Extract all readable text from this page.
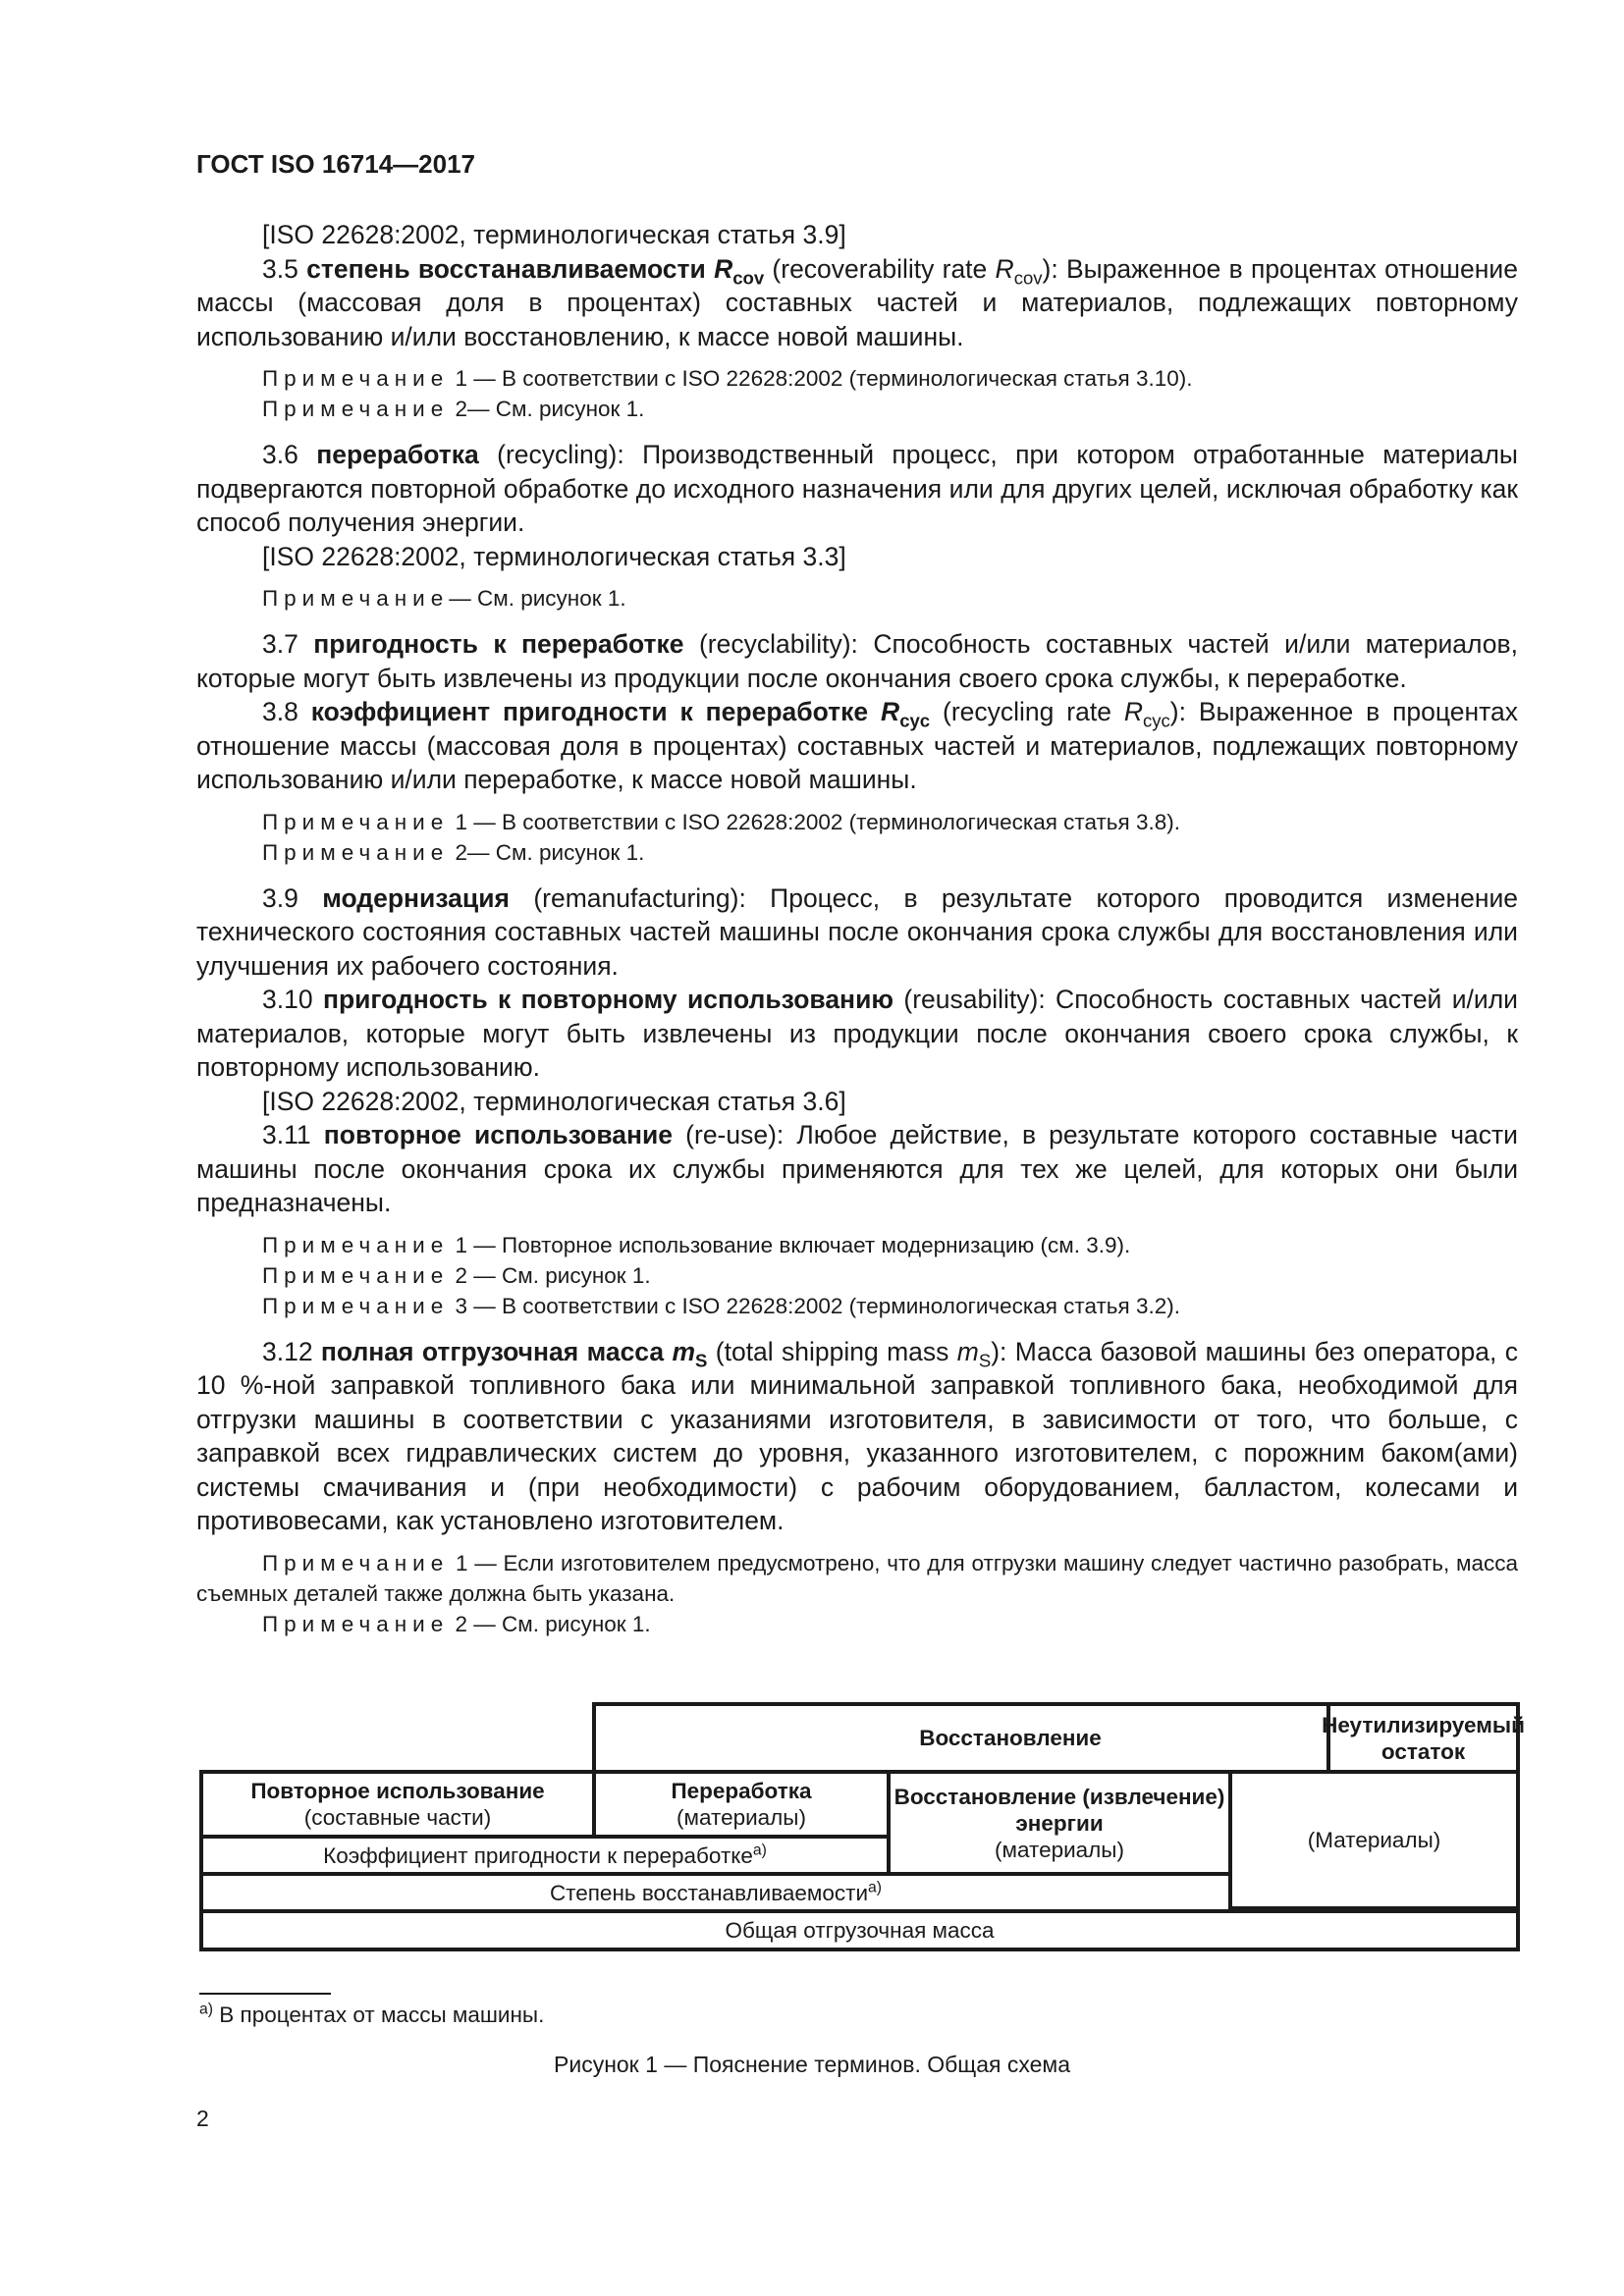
ГОСТ ISO 16714—2017

[ISO 22628:2002, терминологическая статья 3.9]

3.5 степень восстанавливаемости $R_{cov}$ (recoverability rate $R_{cov}$): Выраженное в процентах отношение массы (массовая доля в процентах) составных частей и материалов, подлежащих повторному использованию и/или восстановлению, к массе новой машины.

Примечание 1 — В соответствии с ISO 22628:2002 (терминологическая статья 3.10).

Примечание 2— См. рисунок 1.

3.6 переработка (recycling): Производственный процесс, при котором отработанные материалы подвергаются повторной обработке до исходного назначения или для других целей, исключая обработку как способ получения энергии.

[ISO 22628:2002, терминологическая статья 3.3]

Примечание— См. рисунок 1.

3.7 пригодность к переработке (recyclability): Способность составных частей и/или материалов, которые могут быть извлечены из продукции после окончания своего срока службы, к переработке.

3.8 коэффициент пригодности к переработке $R_{cyc}$ (recycling rate $R_{cyc}$): Выраженное в процентах отношение массы (массовая доля в процентах) составных частей и материалов, подлежащих повторному использованию и/или переработке, к массе новой машины.

Примечание 1 — В соответствии с ISO 22628:2002 (терминологическая статья 3.8).

Примечание 2— См. рисунок 1.

3.9 модернизация (remanufacturing): Процесс, в результате которого проводится изменение технического состояния составных частей машины после окончания срока службы для восстановления или улучшения их рабочего состояния.

3.10 пригодность к повторному использованию (reusability): Способность составных частей и/или материалов, которые могут быть извлечены из продукции после окончания своего срока службы, к повторному использованию.

[ISO 22628:2002, терминологическая статья 3.6]

3.11 повторное использование (re-use): Любое действие, в результате которого составные части машины после окончания срока их службы применяются для тех же целей, для которых они были предназначены.

Примечание 1 — Повторное использование включает модернизацию (см. 3.9).

Примечание 2 — См. рисунок 1.

Примечание 3 — В соответствии с ISO 22628:2002 (терминологическая статья 3.2).

3.12 полная отгрузочная масса $m_S$ (total shipping mass $m_S$): Масса базовой машины без оператора, с 10 %-ной заправкой топливного бака или минимальной заправкой топливного бака, необходимой для отгрузки машины в соответствии с указаниями изготовителя, в зависимости от того, что больше, с заправкой всех гидравлических систем до уровня, указанного изготовителем, с порожним баком(ами) системы смачивания и (при необходимости) с рабочим оборудованием, балластом, колесами и противовесами, как установлено изготовителем.

Примечание 1 — Если изготовителем предусмотрено, что для отгрузки машину следует частично разобрать, масса съемных деталей также должна быть указана.

Примечание 2 — См. рисунок 1.

Восстановление
Неутилизируемый остаток
Повторное использование
(составные части)
Переработка
(материалы)
Восстановление (извлечение) энергии
(материалы)	(Материалы)
Коэффициент пригодности к переработке$^{а)}$
Степень восстанавливаемости$^{а)}$
Общая отгрузочная масса
$^{а)}$ В процентах от массы машины.
Рисунок 1 — Пояснение терминов. Общая схема
2
